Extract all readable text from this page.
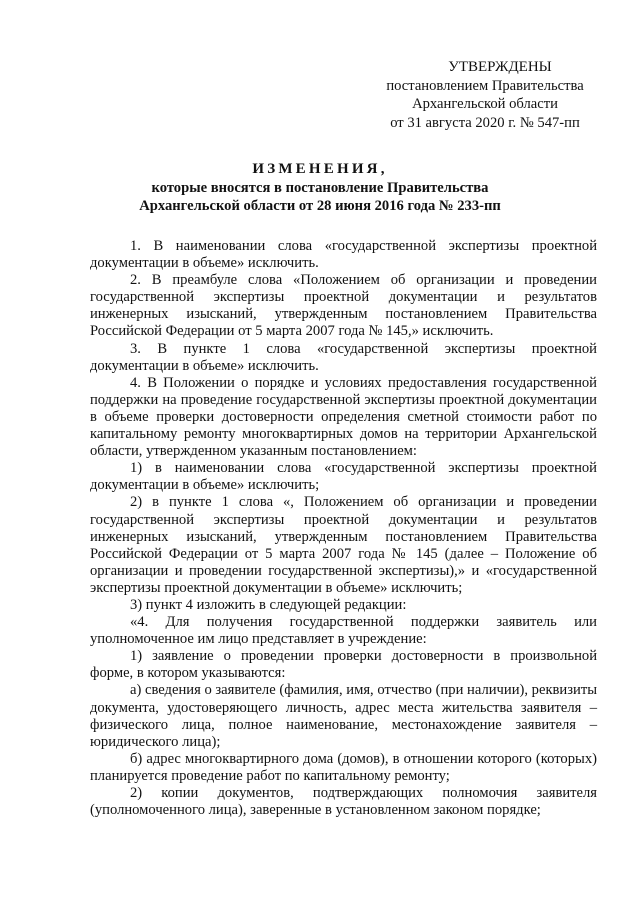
УТВЕРЖДЕНЫ
постановлением Правительства
Архангельской области
от 31 августа 2020 г. № 547-пп
ИЗМЕНЕНИЯ,
которые вносятся в постановление Правительства
Архангельской области от 28 июня 2016 года № 233-пп

1. В наименовании слова «государственной экспертизы проектной документации в объеме» исключить.

2. В преамбуле слова «Положением об организации и проведении государственной экспертизы проектной документации и результатов инженерных изысканий, утвержденным постановлением Правительства Российской Федерации от 5 марта 2007 года № 145,» исключить.

3. В пункте 1 слова «государственной экспертизы проектной документации в объеме» исключить.

4. В Положении о порядке и условиях предоставления государственной поддержки на проведение государственной экспертизы проектной документации в объеме проверки достоверности определения сметной стоимости работ по капитальному ремонту многоквартирных домов на территории Архангельской области, утвержденном указанным постановлением:

1) в наименовании слова «государственной экспертизы проектной документации в объеме» исключить;

2) в пункте 1 слова «, Положением об организации и проведении государственной экспертизы проектной документации и результатов инженерных изысканий, утвержденным постановлением Правительства Российской Федерации от 5 марта 2007 года № 145 (далее – Положение об организации и проведении государственной экспертизы),» и «государственной экспертизы проектной документации в объеме» исключить;

3) пункт 4 изложить в следующей редакции:

«4. Для получения государственной поддержки заявитель или уполномоченное им лицо представляет в учреждение:

1) заявление о проведении проверки достоверности в произвольной форме, в котором указываются:

а) сведения о заявителе (фамилия, имя, отчество (при наличии), реквизиты документа, удостоверяющего личность, адрес места жительства заявителя – физического лица, полное наименование, местонахождение заявителя – юридического лица);

б) адрес многоквартирного дома (домов), в отношении которого (которых) планируется проведение работ по капитальному ремонту;

2) копии документов, подтверждающих полномочия заявителя (уполномоченного лица), заверенные в установленном законом порядке;
